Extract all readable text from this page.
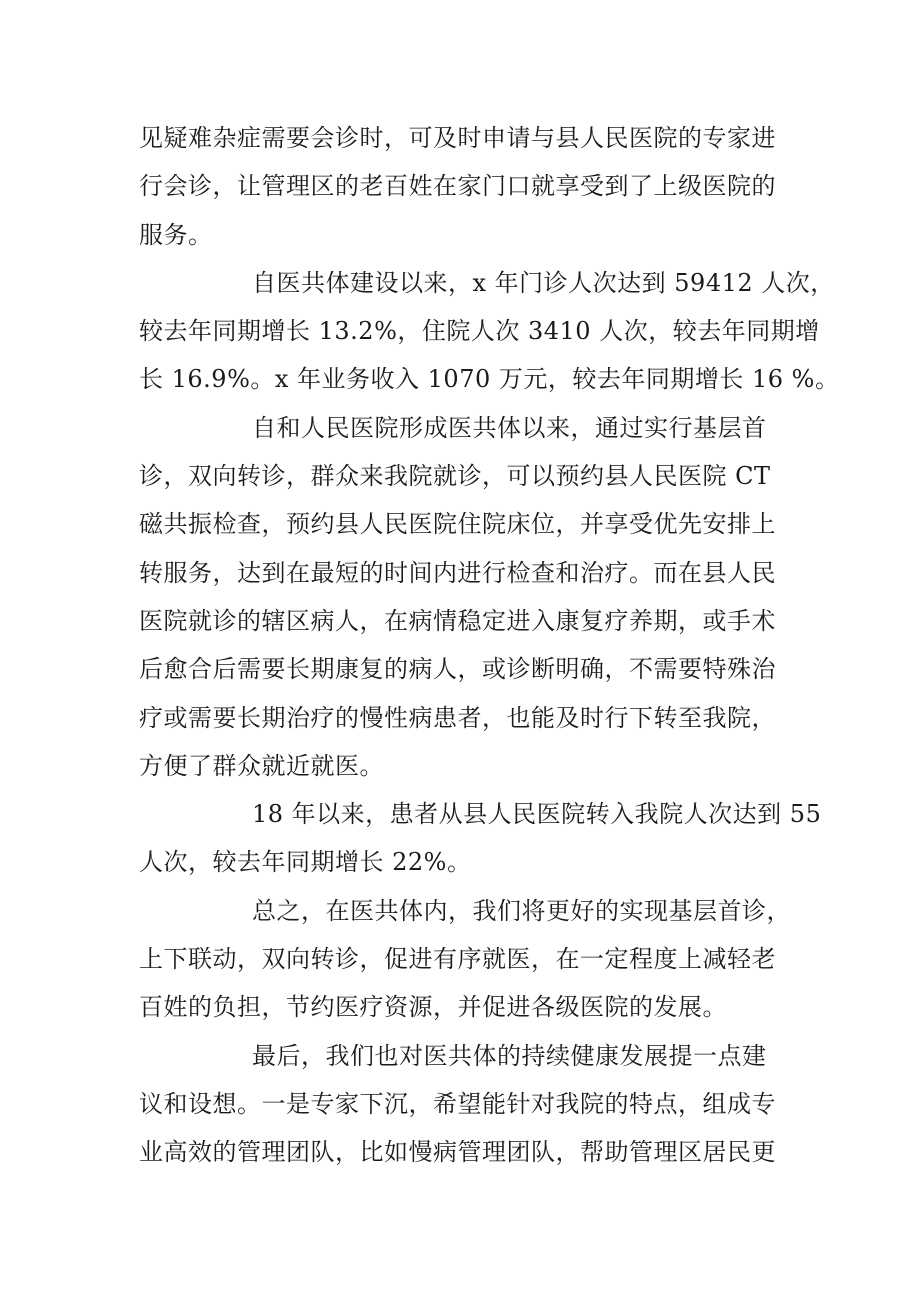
见疑难杂症需要会诊时，可及时申请与县人民医院的专家进
行会诊，让管理区的老百姓在家门口就享受到了上级医院的
服务。

自医共体建设以来，x 年门诊人次达到 59412 人次，
较去年同期增长 13.2%，住院人次 3410 人次，较去年同期增
长 16.9%。x 年业务收入 1070 万元，较去年同期增长 16 %。

自和人民医院形成医共体以来，通过实行基层首
诊，双向转诊，群众来我院就诊，可以预约县人民医院 CT
磁共振检查，预约县人民医院住院床位，并享受优先安排上
转服务，达到在最短的时间内进行检查和治疗。而在县人民
医院就诊的辖区病人，在病情稳定进入康复疗养期，或手术
后愈合后需要长期康复的病人，或诊断明确，不需要特殊治
疗或需要长期治疗的慢性病患者，也能及时行下转至我院，
方便了群众就近就医。

18 年以来，患者从县人民医院转入我院人次达到 55
人次，较去年同期增长 22%。

总之，在医共体内，我们将更好的实现基层首诊，
上下联动，双向转诊，促进有序就医，在一定程度上减轻老
百姓的负担，节约医疗资源，并促进各级医院的发展。

最后，我们也对医共体的持续健康发展提一点建
议和设想。一是专家下沉，希望能针对我院的特点，组成专
业高效的管理团队，比如慢病管理团队，帮助管理区居民更
